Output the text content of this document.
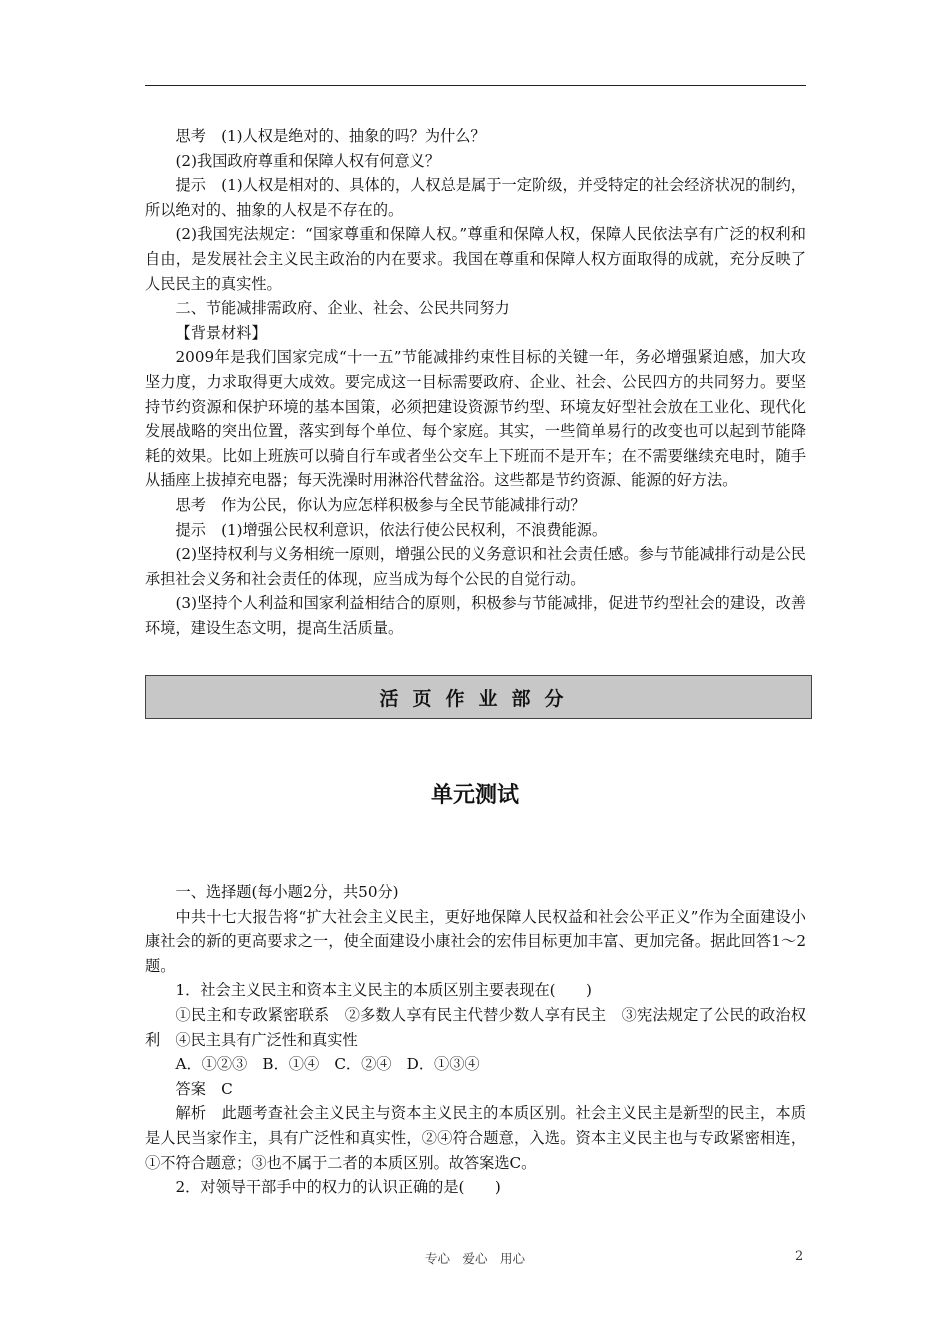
思考　(1)人权是绝对的、抽象的吗？为什么？

(2)我国政府尊重和保障人权有何意义？

提示　(1)人权是相对的、具体的，人权总是属于一定阶级，并受特定的社会经济状况的制约，所以绝对的、抽象的人权是不存在的。

(2)我国宪法规定：“国家尊重和保障人权。”尊重和保障人权，保障人民依法享有广泛的权利和自由，是发展社会主义民主政治的内在要求。我国在尊重和保障人权方面取得的成就，充分反映了人民民主的真实性。

二、节能减排需政府、企业、社会、公民共同努力

【背景材料】

2009年是我们国家完成“十一五”节能减排约束性目标的关键一年，务必增强紧迫感，加大攻坚力度，力求取得更大成效。要完成这一目标需要政府、企业、社会、公民四方的共同努力。要坚持节约资源和保护环境的基本国策，必须把建设资源节约型、环境友好型社会放在工业化、现代化发展战略的突出位置，落实到每个单位、每个家庭。其实，一些简单易行的改变也可以起到节能降耗的效果。比如上班族可以骑自行车或者坐公交车上下班而不是开车；在不需要继续充电时，随手从插座上拔掉充电器；每天洗澡时用淋浴代替盆浴。这些都是节约资源、能源的好方法。

思考　作为公民，你认为应怎样积极参与全民节能减排行动？

提示　(1)增强公民权利意识，依法行使公民权利，不浪费能源。

(2)坚持权利与义务相统一原则，增强公民的义务意识和社会责任感。参与节能减排行动是公民承担社会义务和社会责任的体现，应当成为每个公民的自觉行动。

(3)坚持个人利益和国家利益相结合的原则，积极参与节能减排，促进节约型社会的建设，改善环境，建设生态文明，提高生活质量。

活页作业部分
单元测试

一、选择题(每小题2分，共50分)

中共十七大报告将“扩大社会主义民主，更好地保障人民权益和社会公平正义”作为全面建设小康社会的新的更高要求之一，使全面建设小康社会的宏伟目标更加丰富、更加完备。据此回答1～2题。

1．社会主义民主和资本主义民主的本质区别主要表现在(　　)

①民主和专政紧密联系　②多数人享有民主代替少数人享有民主　③宪法规定了公民的政治权利　④民主具有广泛性和真实性

A．①②③　B．①④　C．②④　D．①③④

答案　C

解析　此题考查社会主义民主与资本主义民主的本质区别。社会主义民主是新型的民主，本质是人民当家作主，具有广泛性和真实性，②④符合题意，入选。资本主义民主也与专政紧密相连，①不符合题意；③也不属于二者的本质区别。故答案选C。

2．对领导干部手中的权力的认识正确的是(　　)

专心　爱心　用心	2
